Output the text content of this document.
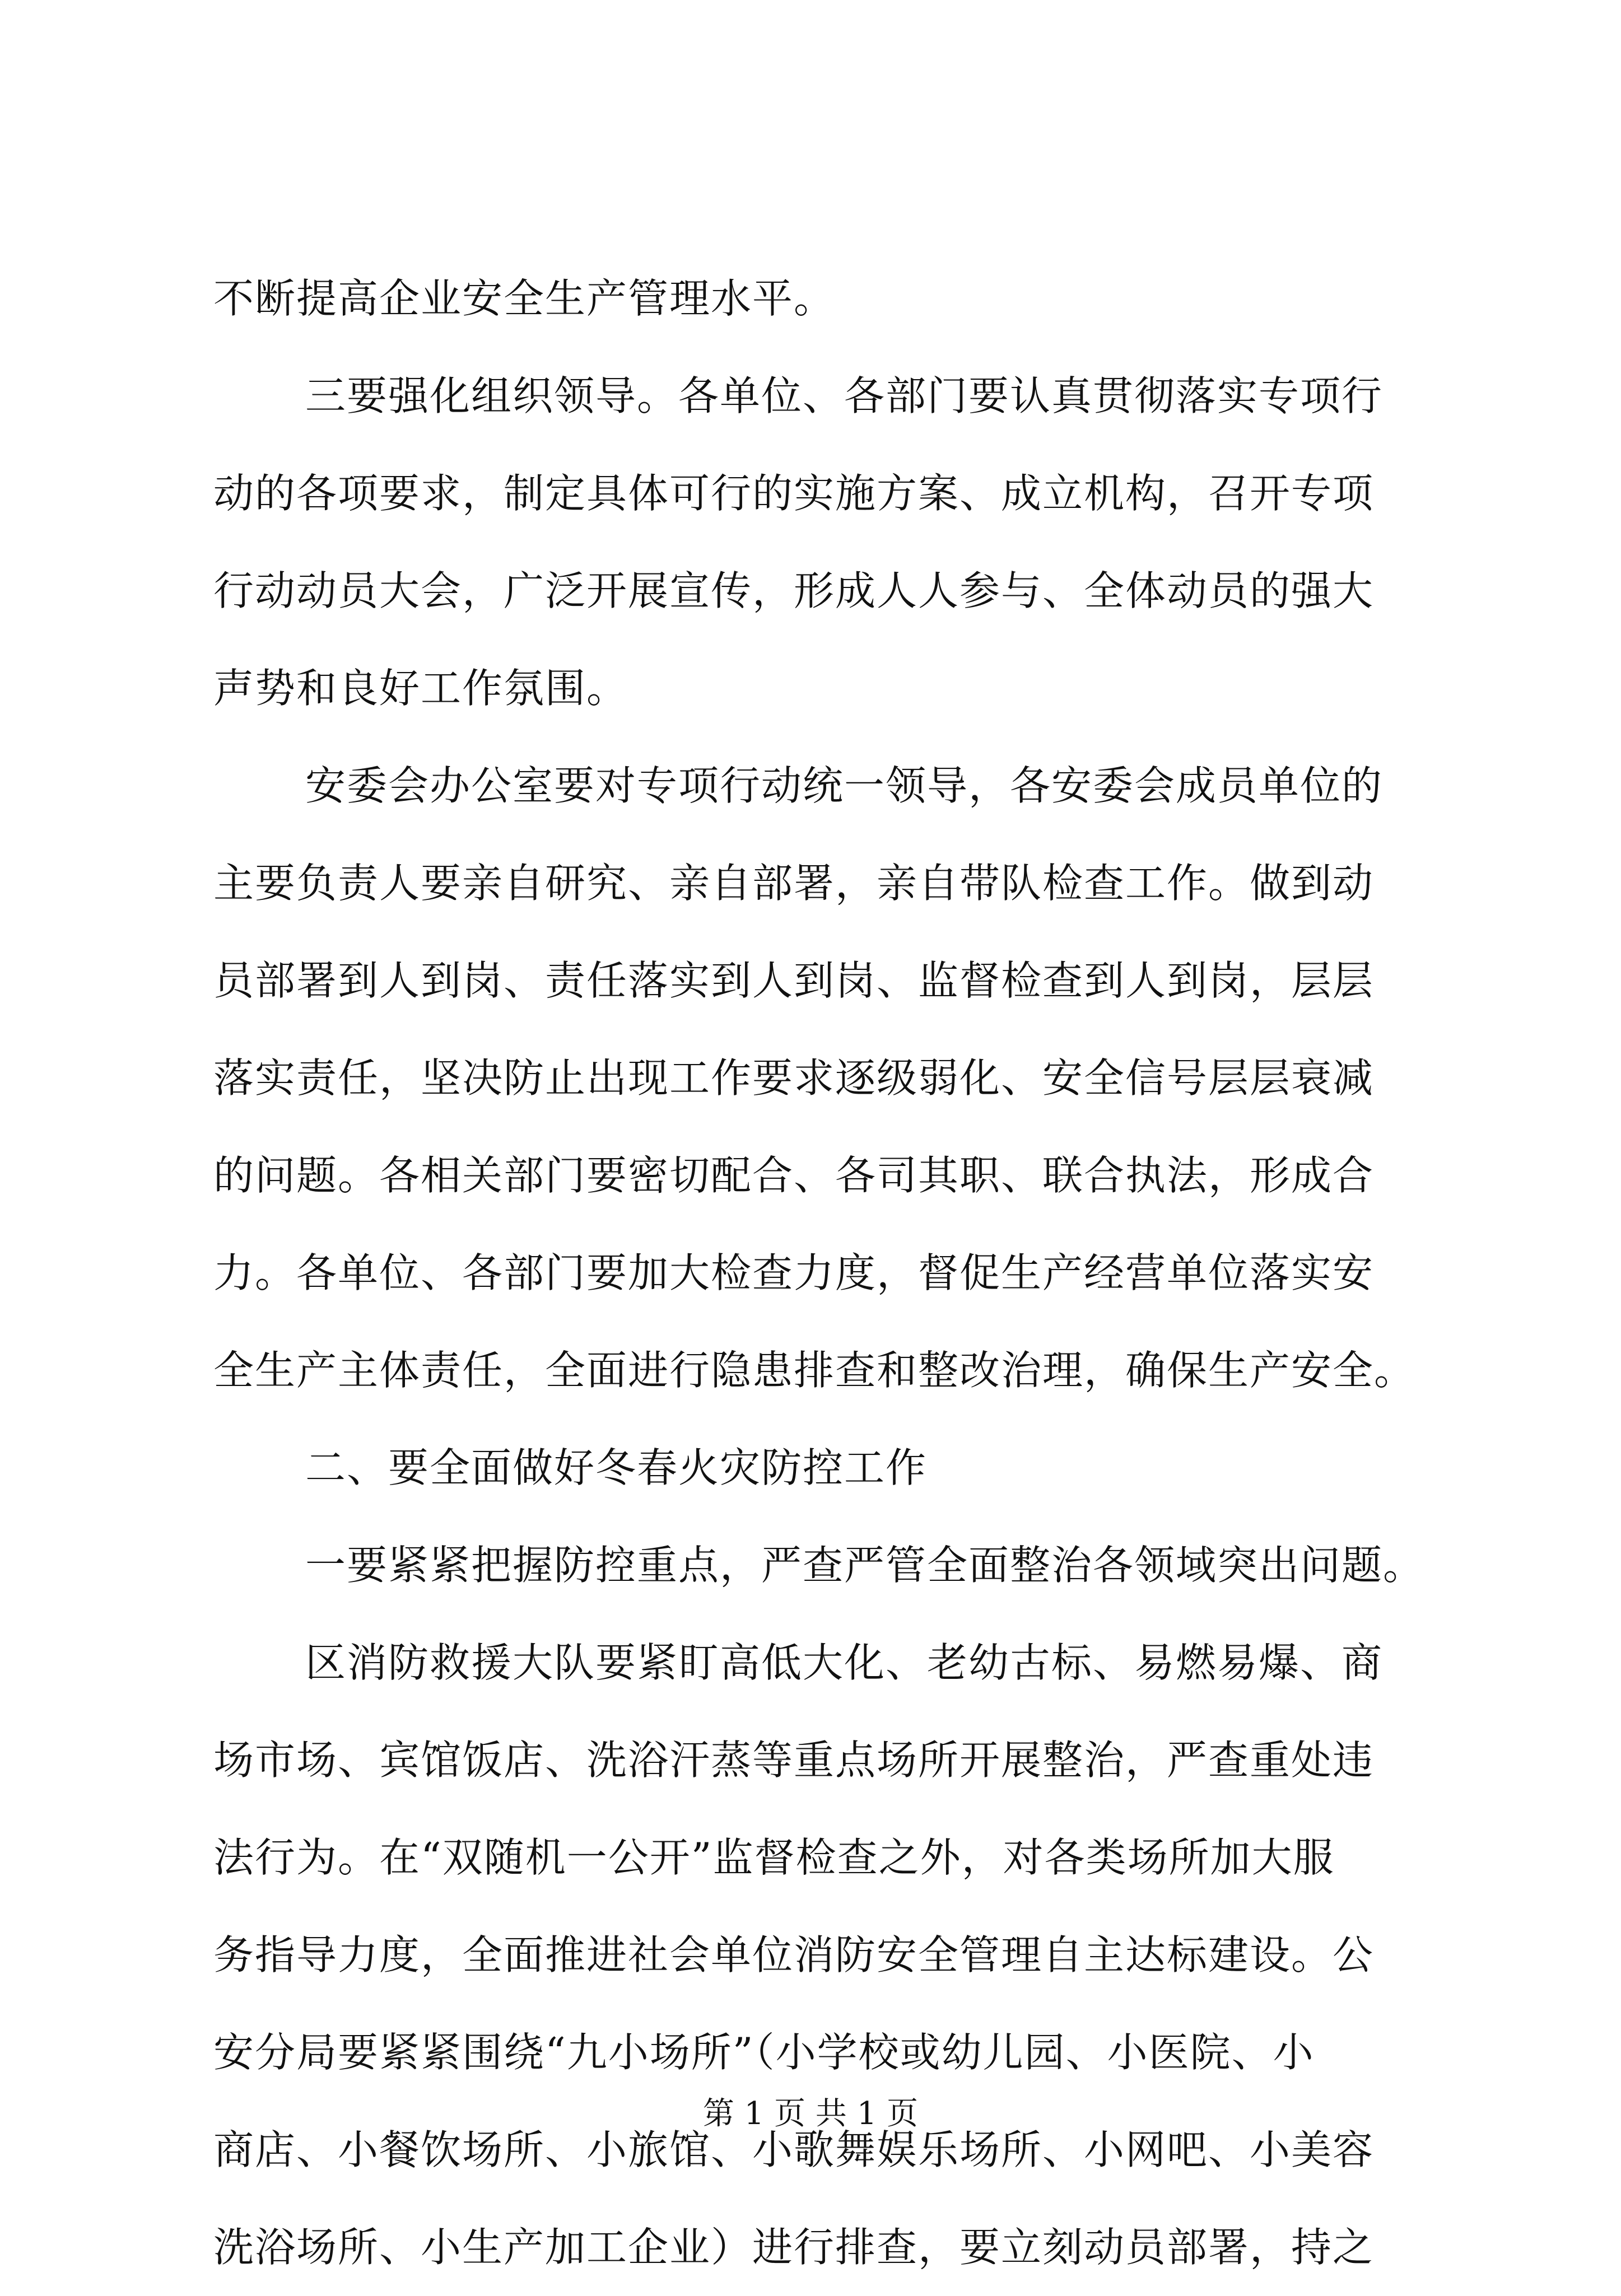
不断提高企业安全生产管理水平。
三要强化组织领导。各单位、各部门要认真贯彻落实专项行
动的各项要求，制定具体可行的实施方案、成立机构，召开专项
行动动员大会，广泛开展宣传，形成人人参与、全体动员的强大
声势和良好工作氛围。
安委会办公室要对专项行动统一领导，各安委会成员单位的
主要负责人要亲自研究、亲自部署，亲自带队检查工作。做到动
员部署到人到岗、责任落实到人到岗、监督检查到人到岗，层层
落实责任，坚决防止出现工作要求逐级弱化、安全信号层层衰减
的问题。各相关部门要密切配合、各司其职、联合执法，形成合
力。各单位、各部门要加大检查力度，督促生产经营单位落实安
全生产主体责任，全面进行隐患排查和整改治理，确保生产安全。
二、要全面做好冬春火灾防控工作
一要紧紧把握防控重点，严查严管全面整治各领域突出问题。
区消防救援大队要紧盯高低大化、老幼古标、易燃易爆、商
场市场、宾馆饭店、洗浴汗蒸等重点场所开展整治，严查重处违
法行为。在“双随机一公开”监督检查之外，对各类场所加大服
务指导力度，全面推进社会单位消防安全管理自主达标建设。公
安分局要紧紧围绕“九小场所”（小学校或幼儿园、小医院、小
商店、小餐饮场所、小旅馆、小歌舞娱乐场所、小网吧、小美容
洗浴场所、小生产加工企业）进行排查，要立刻动员部署，持之
第 1 页 共 1 页
